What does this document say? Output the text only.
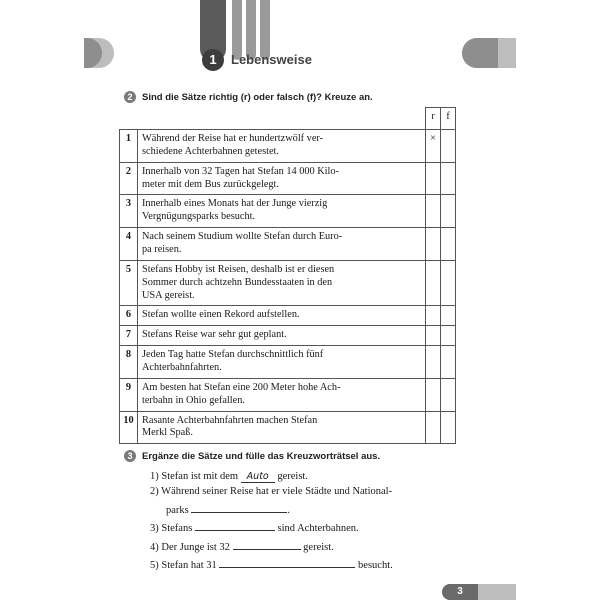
1	Lebensweise
2 Sind die Sätze richtig (r) oder falsch (f)? Kreuze an.
		r	f
1	Während der Reise hat er hundertzwölf ver-
schiedene Achterbahnen getestet.	×	
2	Innerhalb von 32 Tagen hat Stefan 14 000 Kilo-
meter mit dem Bus zurückgelegt.		

3	Innerhalb eines Monats hat der Junge vierzig
Vergnügungsparks besucht.		

4	Nach seinem Studium wollte Stefan durch Euro-
pa reisen.		

5	Stefans Hobby ist Reisen, deshalb ist er diesen
Sommer durch achtzehn Bundesstaaten in den
USA gereist.		

6	Stefan wollte einen Rekord aufstellen.		

7	Stefans Reise war sehr gut geplant.		

8	Jeden Tag hatte Stefan durchschnittlich fünf
Achterbahnfahrten.		

9	Am besten hat Stefan eine 200 Meter hohe Ach-
terbahn in Ohio gefallen.		

10	Rasante Achterbahnfahrten machen Stefan
Merkl Spaß.		

3 Ergänze die Sätze und fülle das Kreuzworträtsel aus.
1) Stefan ist mit dem Auto gereist.
2) Während seiner Reise hat er viele Städte und National-
parks	.
3) Stefans	sind Achterbahnen.
4) Der Junge ist 32	gereist.
5) Stefan hat 31	besucht.
3
